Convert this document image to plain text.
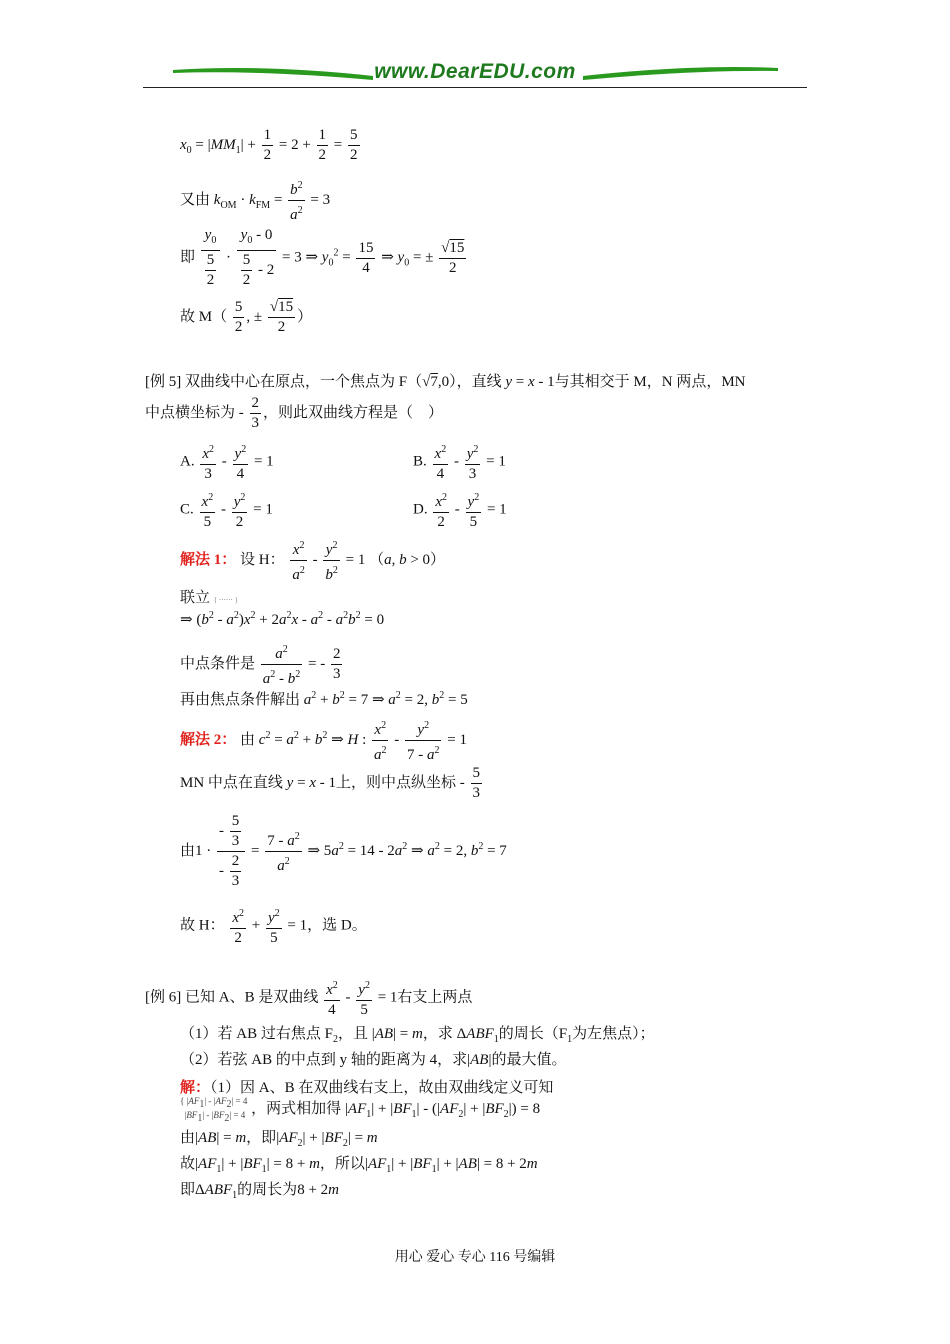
www.DearEDU.com
$x_0 = |MM_1| + \frac{1}{2} = 2 + \frac{1}{2} = \frac{5}{2}$
又由 $k_{OM} \cdot k_{FM} = \frac{b^2}{a^2} = 3$
即 $\frac{y_0}{\frac{5}{2}} \cdot \frac{y_0 - 0}{\frac{5}{2} - 2} = 3$ ⇒ $y_0^2 = \frac{15}{4}$ ⇒ $y_0$ = ± $\frac{√15}{2}$
故 $M( \frac{5}{2}$ , ± $\frac{√15}{2}$ ）
[例 5] 双曲线中心在原点，一个焦点为 F（√7,0），直线 y = x - 1与其相交于 M，N 两点，MN
中点横坐标为 - $\frac{2}{3}$ ，则此双曲线方程是（　）
A. $\frac{x^2}{3} - \frac{y^2}{4} = 1$	B. $\frac{x^2}{4} - \frac{y^2}{3} = 1$
C. $\frac{x^2}{5} - \frac{y^2}{2} = 1$	D. $\frac{x^2}{2} - \frac{y^2}{5} = 1$
解法 1： 设 H： $\frac{x^2}{a^2} - \frac{y^2}{b^2} = 1$ （a, b > 0）
联立 { ⋯⋯ }
⇒ $(b^2 - a^2)x^2 + 2a^2x - a^2 - a^2b^2 = 0$
中点条件是 $\frac{a^2}{a^2 - b^2}$ = - $\frac{2}{3}$
再由焦点条件解出 $a^2 + b^2 = 7$ ⇒ $a^2 = 2$, $b^2 = 5$
解法 2： 由 $c^2 = a^2 + b^2$ ⇒ H : $\frac{x^2}{a^2} - \frac{y^2}{7 - a^2} = 1$
MN 中点在直线 y = x - 1上，则中点纵坐标 - $\frac{5}{3}$
由$1 \cdot \frac{- \frac{5}{3}}{- \frac{2}{3}} = \frac{7 - a^2}{a^2}$ ⇒ $5a^2 = 14 - 2a^2$ ⇒ $a^2 = 2$, $b^2 = 7$
故 H： $\frac{x^2}{2} + \frac{y^2}{5} = 1$，选 D。
[例 6] 已知 A、B 是双曲线 $\frac{x^2}{4} - \frac{y^2}{5} = 1$右支上两点
（1）若 AB 过右焦点 $F_2$，且 |AB| = m，求 $\Delta ABF_1$的周长（$F_1$为左焦点）；
（2）若弦 AB 的中点到 y 轴的距离为 4，求|AB|的最大值。
解：（1）因 A、B 在双曲线右支上，故由双曲线定义可知
{ $|AF_1| - |AF_2| = 4$
$|BF_1| - |BF_2| = 4$ ，两式相加得 $|AF_1| + |BF_1| - (|AF_2| + |BF_2|) = 8$
由|AB| = m，即$|AF_2| + |BF_2| = m$
故$|AF_1| + |BF_1| = 8 + m$，所以$|AF_1| + |BF_1| + |AB| = 8 + 2m$
即$\Delta ABF_1$的周长为8 + 2m
用心 爱心 专心 116 号编辑
